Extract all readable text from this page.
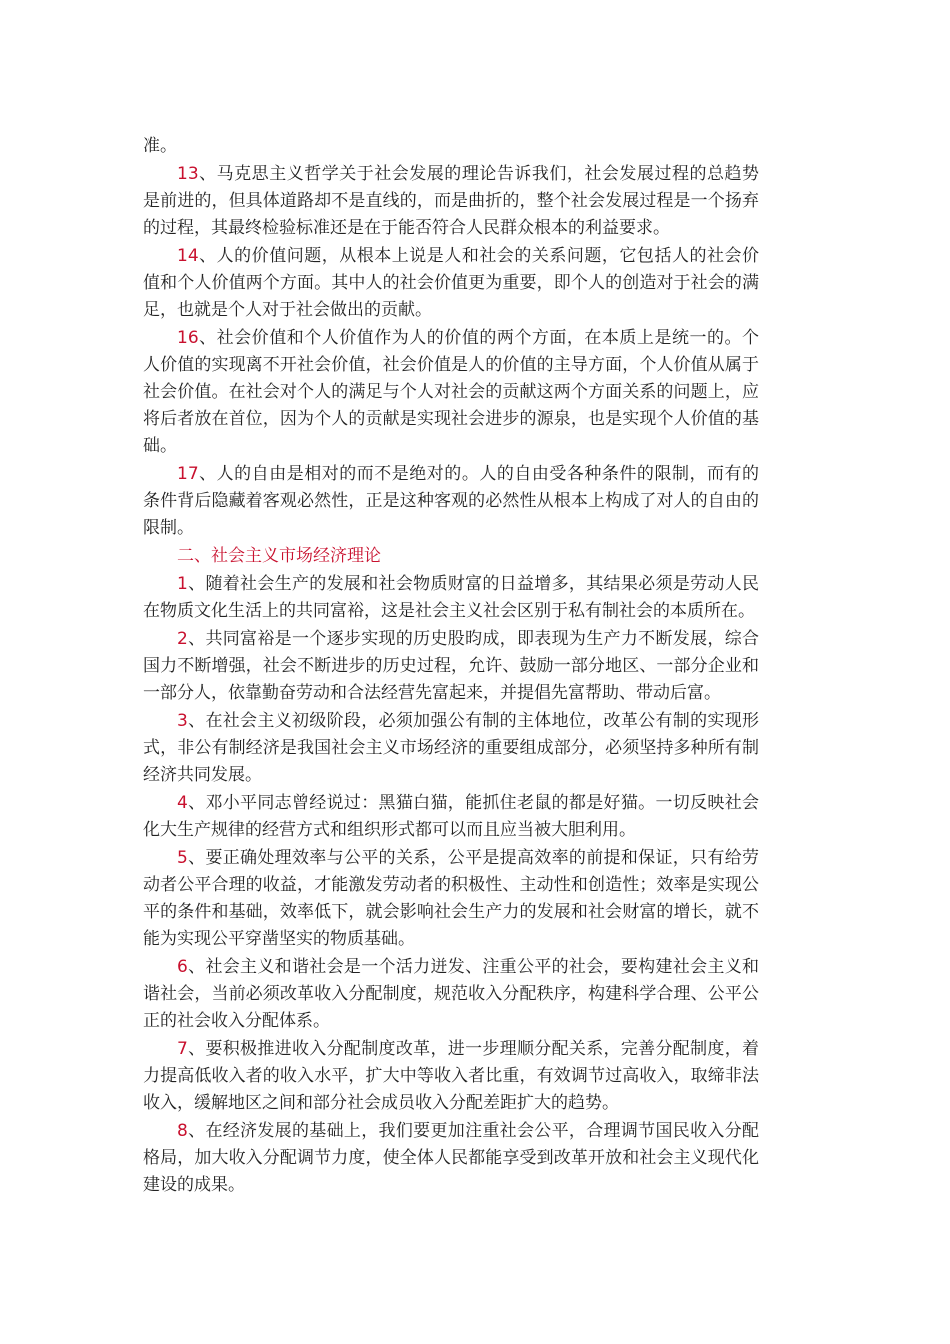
准。

13、马克思主义哲学关于社会发展的理论告诉我们，社会发展过程的总趋势是前进的，但具体道路却不是直线的，而是曲折的，整个社会发展过程是一个扬弃的过程，其最终检验标准还是在于能否符合人民群众根本的利益要求。

14、人的价值问题，从根本上说是人和社会的关系问题，它包括人的社会价值和个人价值两个方面。其中人的社会价值更为重要，即个人的创造对于社会的满足，也就是个人对于社会做出的贡献。

16、社会价值和个人价值作为人的价值的两个方面，在本质上是统一的。个人价值的实现离不开社会价值，社会价值是人的价值的主导方面，个人价值从属于社会价值。在社会对个人的满足与个人对社会的贡献这两个方面关系的问题上，应将后者放在首位，因为个人的贡献是实现社会进步的源泉，也是实现个人价值的基础。

17、人的自由是相对的而不是绝对的。人的自由受各种条件的限制，而有的条件背后隐藏着客观必然性，正是这种客观的必然性从根本上构成了对人的自由的限制。

二、社会主义市场经济理论

1、随着社会生产的发展和社会物质财富的日益增多，其结果必须是劳动人民在物质文化生活上的共同富裕，这是社会主义社会区别于私有制社会的本质所在。

2、共同富裕是一个逐步实现的历史股昀成，即表现为生产力不断发展，综合国力不断增强，社会不断进步的历史过程，允许、鼓励一部分地区、一部分企业和一部分人，依靠勤奋劳动和合法经营先富起来，并提倡先富帮助、带动后富。

3、在社会主义初级阶段，必须加强公有制的主体地位，改革公有制的实现形式，非公有制经济是我国社会主义市场经济的重要组成部分，必须坚持多种所有制经济共同发展。

4、邓小平同志曾经说过：黑猫白猫，能抓住老鼠的都是好猫。一切反映社会化大生产规律的经营方式和组织形式都可以而且应当被大胆利用。

5、要正确处理效率与公平的关系，公平是提高效率的前提和保证，只有给劳动者公平合理的收益，才能激发劳动者的积极性、主动性和创造性；效率是实现公平的条件和基础，效率低下，就会影响社会生产力的发展和社会财富的增长，就不能为实现公平穿凿坚实的物质基础。

6、社会主义和谐社会是一个活力迸发、注重公平的社会，要构建社会主义和谐社会，当前必须改革收入分配制度，规范收入分配秩序，构建科学合理、公平公正的社会收入分配体系。

7、要积极推进收入分配制度改革，进一步理顺分配关系，完善分配制度，着力提高低收入者的收入水平，扩大中等收入者比重，有效调节过高收入，取缔非法收入，缓解地区之间和部分社会成员收入分配差距扩大的趋势。

8、在经济发展的基础上，我们要更加注重社会公平，合理调节国民收入分配格局，加大收入分配调节力度，使全体人民都能享受到改革开放和社会主义现代化建设的成果。
